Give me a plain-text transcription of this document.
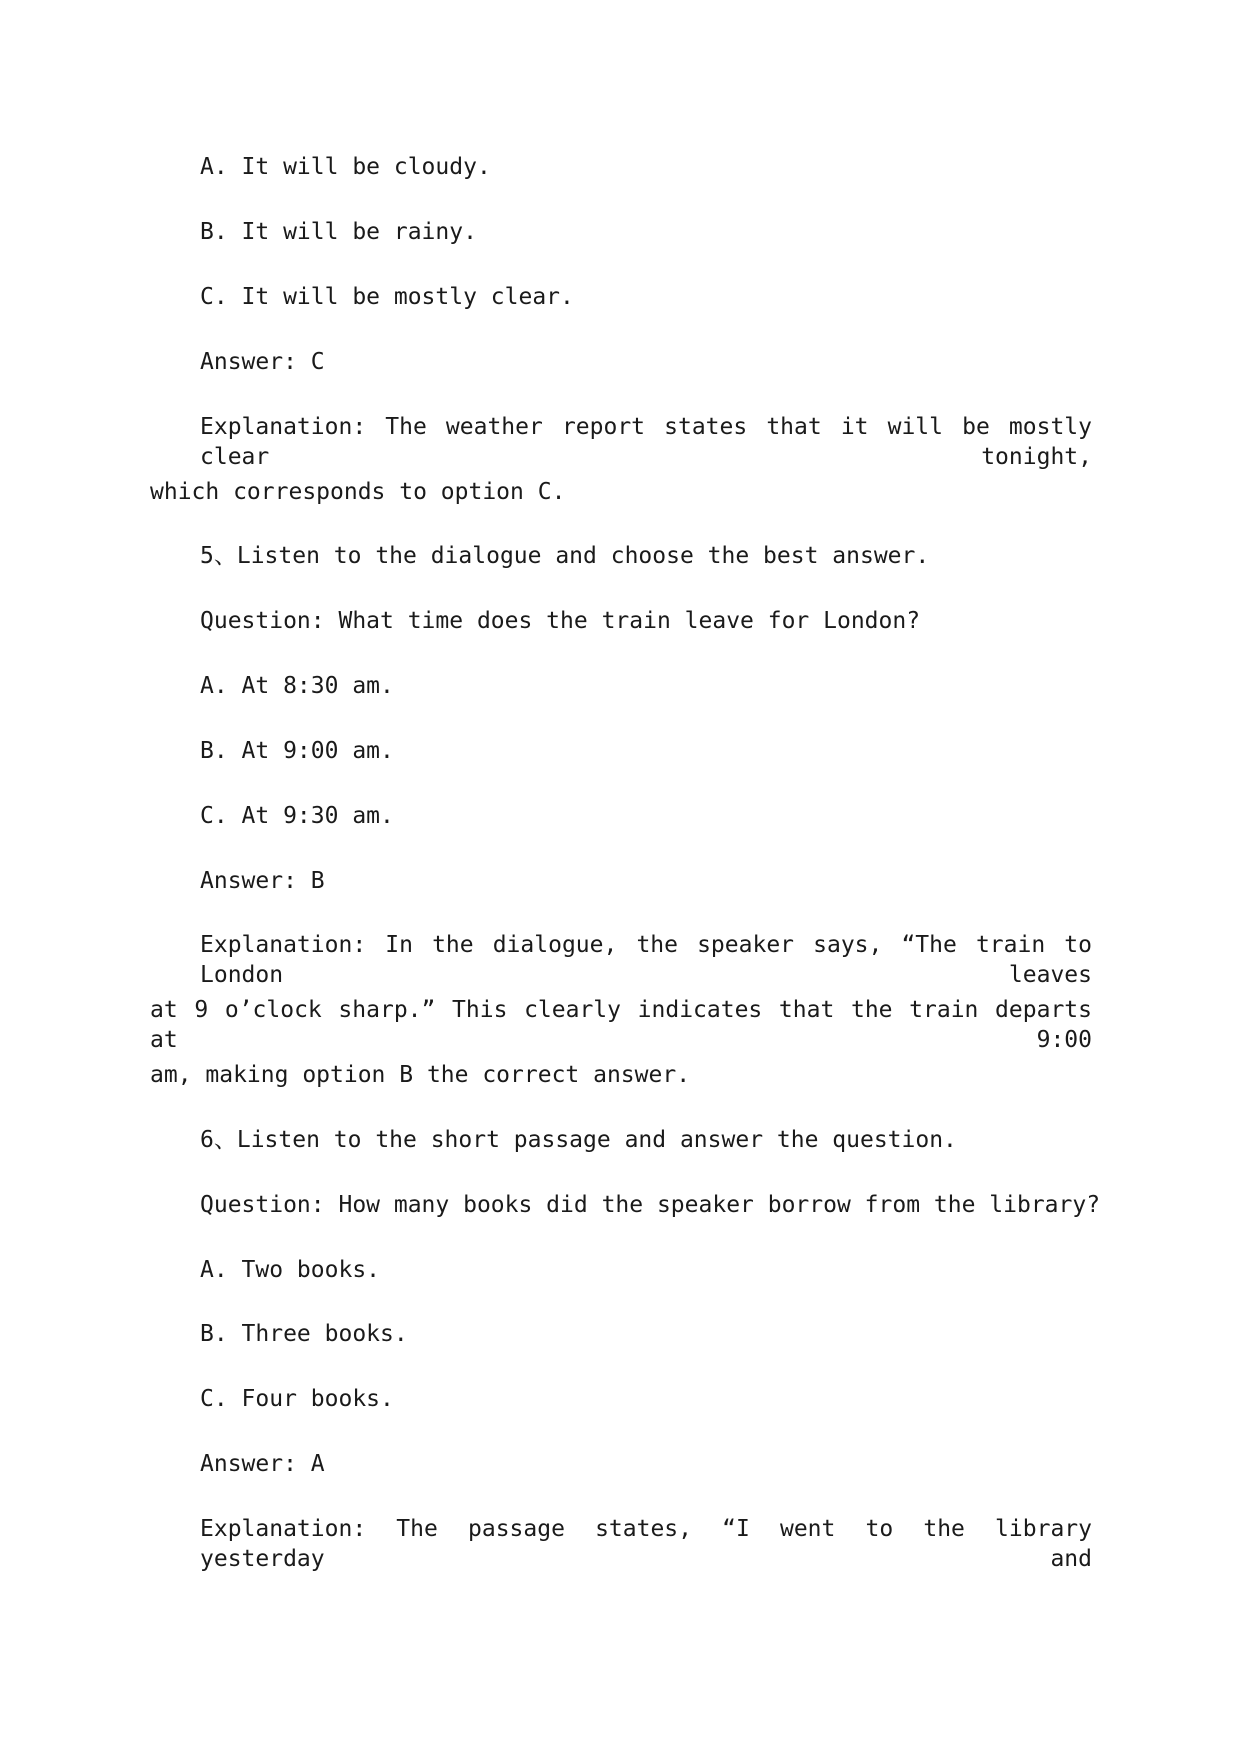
A. It will be cloudy.
B. It will be rainy.
C. It will be mostly clear.
Answer: C
Explanation: The weather report states that it will be mostly clear tonight,
which corresponds to option C.
5、Listen to the dialogue and choose the best answer.
Question: What time does the train leave for London?
A. At 8:30 am.
B. At 9:00 am.
C. At 9:30 am.
Answer: B
Explanation: In the dialogue, the speaker says, “The train to London leaves
at 9 o’clock sharp.” This clearly indicates that the train departs at 9:00
am, making option B the correct answer.
6、Listen to the short passage and answer the question.
Question: How many books did the speaker borrow from the library?
A. Two books.
B. Three books.
C. Four books.
Answer: A
Explanation: The passage states, “I went to the library yesterday and
